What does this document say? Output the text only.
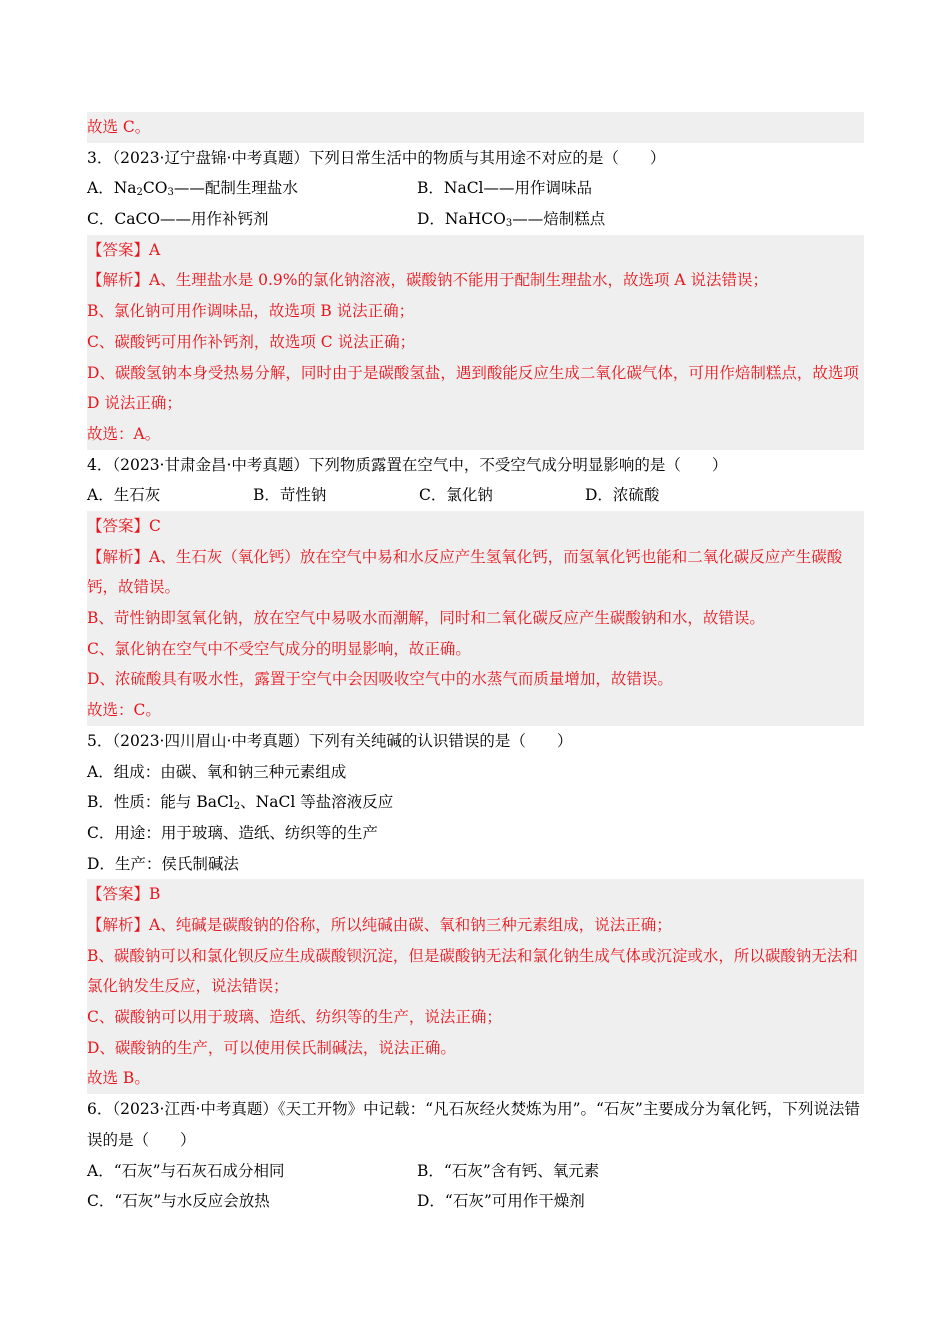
故选 C。
3．（2023·辽宁盘锦·中考真题）下列日常生活中的物质与其用途不对应的是（　　）
A．$Na_2CO_3——$配制生理盐水	B．NaCl——用作调味品
C．CaCO——用作补钙剂	D．NaHCO$_3$——焙制糕点
【答案】A
【解析】A、生理盐水是 0.9%的氯化钠溶液，碳酸钠不能用于配制生理盐水，故选项 A 说法错误；
B、氯化钠可用作调味品，故选项 B 说法正确；
C、碳酸钙可用作补钙剂，故选项 C 说法正确；
D、碳酸氢钠本身受热易分解，同时由于是碳酸氢盐，遇到酸能反应生成二氧化碳气体，可用作焙制糕点，故选项 D 说法正确；
故选：A。
4．（2023·甘肃金昌·中考真题）下列物质露置在空气中，不受空气成分明显影响的是（　　）
A．生石灰	B．苛性钠	C．氯化钠	D．浓硫酸
【答案】C
【解析】A、生石灰（氧化钙）放在空气中易和水反应产生氢氧化钙，而氢氧化钙也能和二氧化碳反应产生碳酸钙，故错误。
B、苛性钠即氢氧化钠，放在空气中易吸水而潮解，同时和二氧化碳反应产生碳酸钠和水，故错误。
C、氯化钠在空气中不受空气成分的明显影响，故正确。
D、浓硫酸具有吸水性，露置于空气中会因吸收空气中的水蒸气而质量增加，故错误。
故选：C。
5．（2023·四川眉山·中考真题）下列有关纯碱的认识错误的是（　　）
A．组成：由碳、氧和钠三种元素组成
B．性质：能与 BaCl$_2$、NaCl 等盐溶液反应
C．用途：用于玻璃、造纸、纺织等的生产
D．生产：侯氏制碱法
【答案】B
【解析】A、纯碱是碳酸钠的俗称，所以纯碱由碳、氧和钠三种元素组成，说法正确；
B、碳酸钠可以和氯化钡反应生成碳酸钡沉淀，但是碳酸钠无法和氯化钠生成气体或沉淀或水，所以碳酸钠无法和氯化钠发生反应，说法错误；
C、碳酸钠可以用于玻璃、造纸、纺织等的生产，说法正确；
D、碳酸钠的生产，可以使用侯氏制碱法，说法正确。
故选 B。
6．（2023·江西·中考真题）《天工开物》中记载：“凡石灰经火焚炼为用”。“石灰”主要成分为氧化钙，下列说法错误的是（　　）
A．“石灰”与石灰石成分相同	B．“石灰”含有钙、氧元素
C．“石灰”与水反应会放热	D．“石灰”可用作干燥剂
